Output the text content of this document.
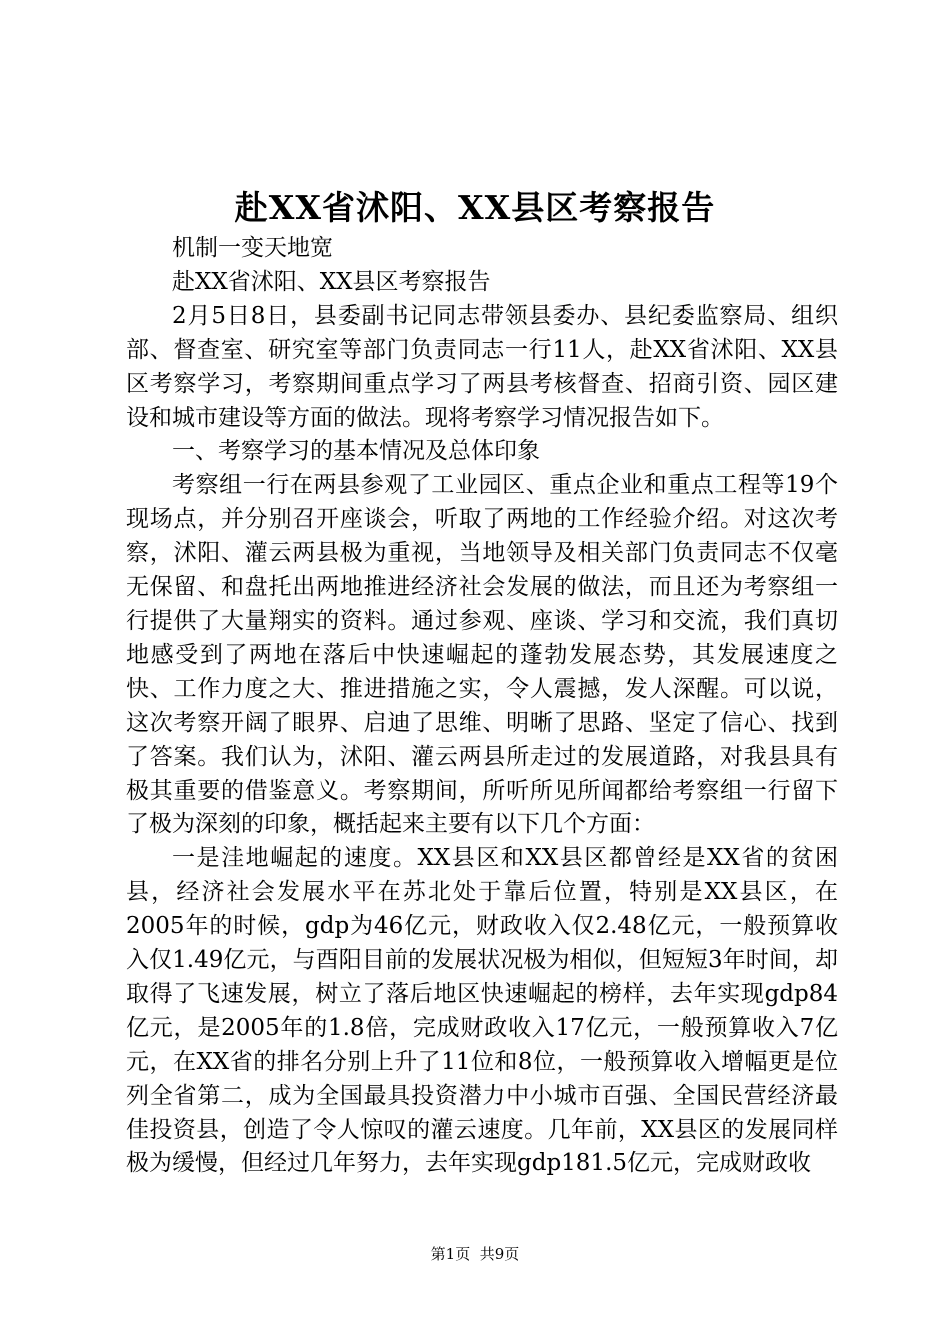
赴XX省沭阳、XX县区考察报告

机制一变天地宽

赴XX省沭阳、XX县区考察报告

2月5日8日，县委副书记同志带领县委办、县纪委监察局、组织部、督查室、研究室等部门负责同志一行11人，赴XX省沭阳、XX县区考察学习，考察期间重点学习了两县考核督查、招商引资、园区建设和城市建设等方面的做法。现将考察学习情况报告如下。

一、考察学习的基本情况及总体印象

考察组一行在两县参观了工业园区、重点企业和重点工程等19个现场点，并分别召开座谈会，听取了两地的工作经验介绍。对这次考察，沭阳、灌云两县极为重视，当地领导及相关部门负责同志不仅毫无保留、和盘托出两地推进经济社会发展的做法，而且还为考察组一行提供了大量翔实的资料。通过参观、座谈、学习和交流，我们真切地感受到了两地在落后中快速崛起的蓬勃发展态势，其发展速度之快、工作力度之大、推进措施之实，令人震撼，发人深醒。可以说，这次考察开阔了眼界、启迪了思维、明晰了思路、坚定了信心、找到了答案。我们认为，沭阳、灌云两县所走过的发展道路，对我县具有极其重要的借鉴意义。考察期间，所听所见所闻都给考察组一行留下了极为深刻的印象，概括起来主要有以下几个方面：

一是洼地崛起的速度。XX县区和XX县区都曾经是XX省的贫困县，经济社会发展水平在苏北处于靠后位置，特别是XX县区，在2005年的时候，gdp为46亿元，财政收入仅2.48亿元，一般预算收入仅1.49亿元，与酉阳目前的发展状况极为相似，但短短3年时间，却取得了飞速发展，树立了落后地区快速崛起的榜样，去年实现gdp84亿元，是2005年的1.8倍，完成财政收入17亿元，一般预算收入7亿元，在XX省的排名分别上升了11位和8位，一般预算收入增幅更是位列全省第二，成为全国最具投资潜力中小城市百强、全国民营经济最佳投资县，创造了令人惊叹的灌云速度。几年前，XX县区的发展同样极为缓慢，但经过几年努力，去年实现gdp181.5亿元，完成财政收

第1页 共9页
